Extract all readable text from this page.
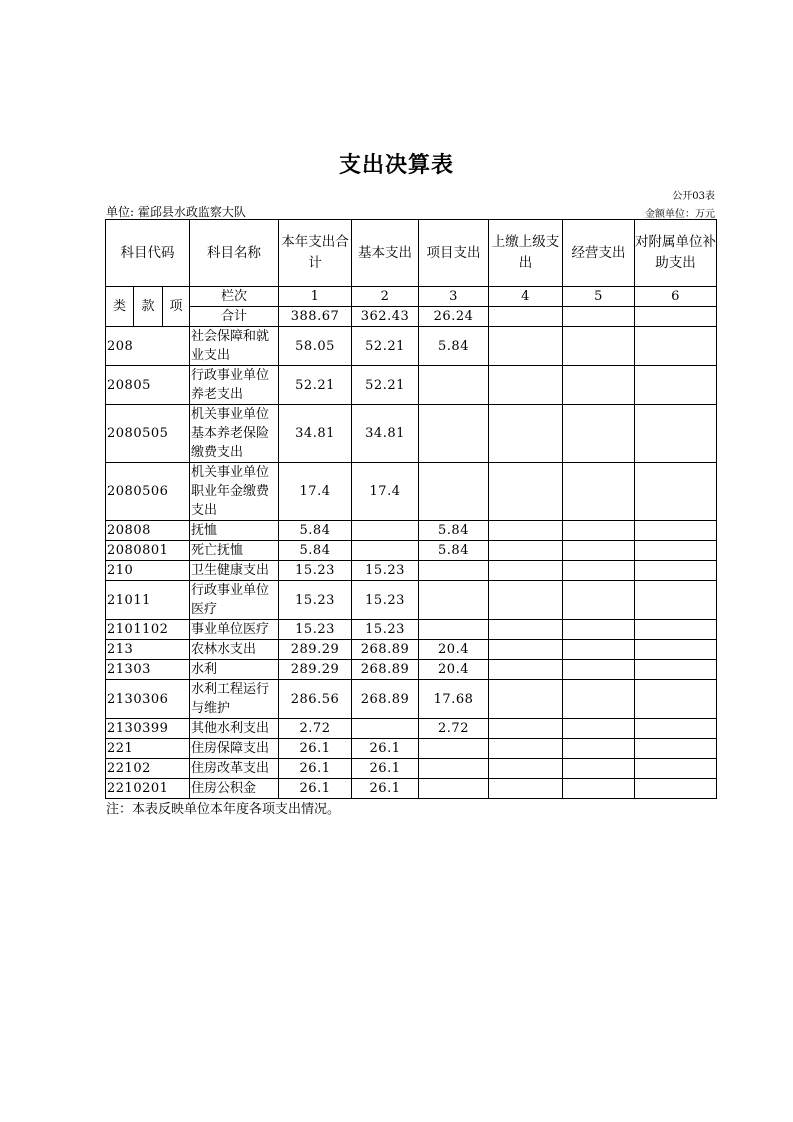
支出决算表
公开03表
单位: 霍邱县水政监察大队	金额单位：万元
科目代码			科目名称	本年支出合计	基本支出	项目支出	上缴上级支出	经营支出	对附属单位补助支出
类	款	项	栏次	1	2	3	4	5	6
			合计	388.67	362.43	26.24			
208			社会保障和就业支出	58.05	52.21	5.84			
20805			行政事业单位养老支出	52.21	52.21				
2080505			机关事业单位基本养老保险缴费支出	34.81	34.81				
2080506			机关事业单位职业年金缴费支出	17.4	17.4				
20808			抚恤	5.84		5.84			
2080801			死亡抚恤	5.84		5.84			
210			卫生健康支出	15.23	15.23				
21011			行政事业单位医疗	15.23	15.23				
2101102			事业单位医疗	15.23	15.23				
213			农林水支出	289.29	268.89	20.4			
21303			水利	289.29	268.89	20.4			
2130306			水利工程运行与维护	286.56	268.89	17.68			
2130399			其他水利支出	2.72		2.72			
221			住房保障支出	26.1	26.1				
22102			住房改革支出	26.1	26.1				
2210201			住房公积金	26.1	26.1				
注：本表反映单位本年度各项支出情况。
